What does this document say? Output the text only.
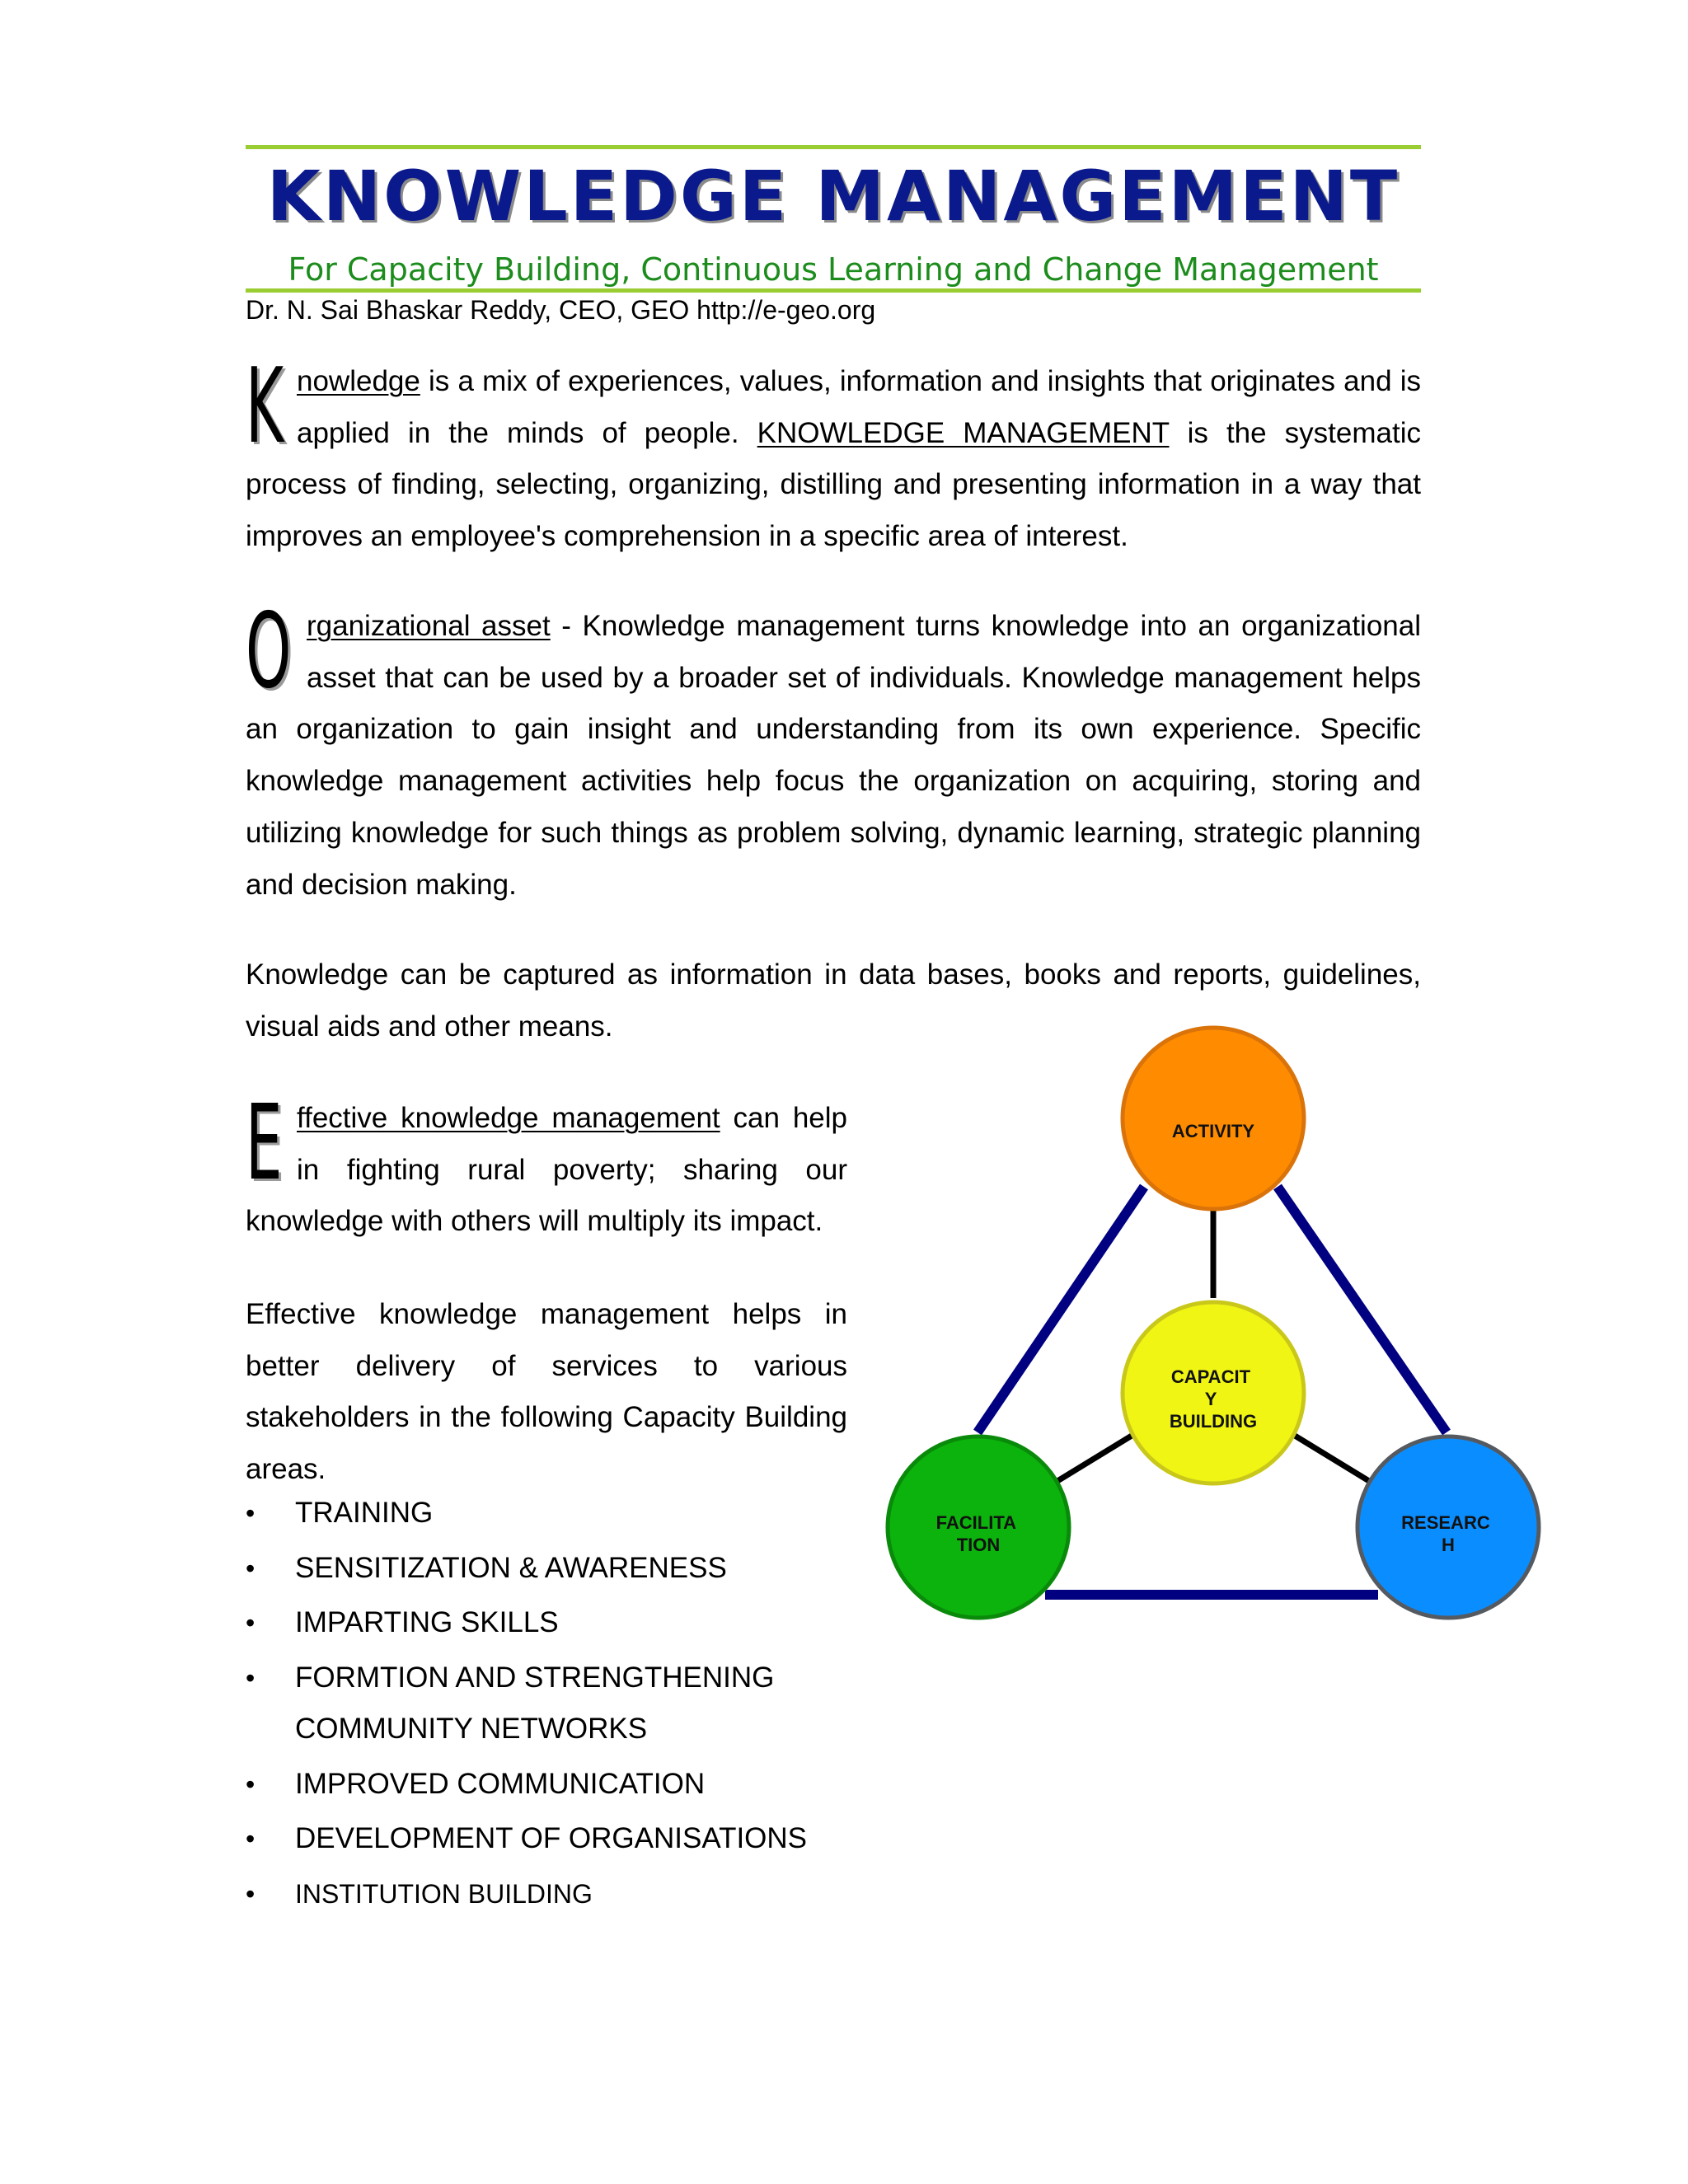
KNOWLEDGE MANAGEMENT
For Capacity Building, Continuous Learning and Change Management
Dr. N. Sai Bhaskar Reddy, CEO, GEO http://e-geo.org

Knowledge is a mix of experiences, values, information and insights that originates and is applied in the minds of people. KNOWLEDGE MANAGEMENT is the systematic process of finding, selecting, organizing, distilling and presenting information in a way that improves an employee's comprehension in a specific area of interest.

Organizational asset - Knowledge management turns knowledge into an organizational asset that can be used by a broader set of individuals. Knowledge management helps an organization to gain insight and understanding from its own experience. Specific knowledge management activities help focus the organization on acquiring, storing and utilizing knowledge for such things as problem solving, dynamic learning, strategic planning and decision making.

Knowledge can be captured as information in data bases, books and reports, guidelines, visual aids and other means.

Effective knowledge management can help in fighting rural poverty; sharing our knowledge with others will multiply its impact.

Effective knowledge management helps in better delivery of services to various stakeholders in the following Capacity Building areas.

• TRAINING
• SENSITIZATION & AWARENESS
• IMPARTING SKILLS
• FORMTION AND STRENGTHENING COMMUNITY NETWORKS
• IMPROVED COMMUNICATION
• DEVELOPMENT OF ORGANISATIONS
• INSTITUTION BUILDING
ACTIVITY
CAPACIT Y BUILDING
FACILITA TION
RESEARC H
